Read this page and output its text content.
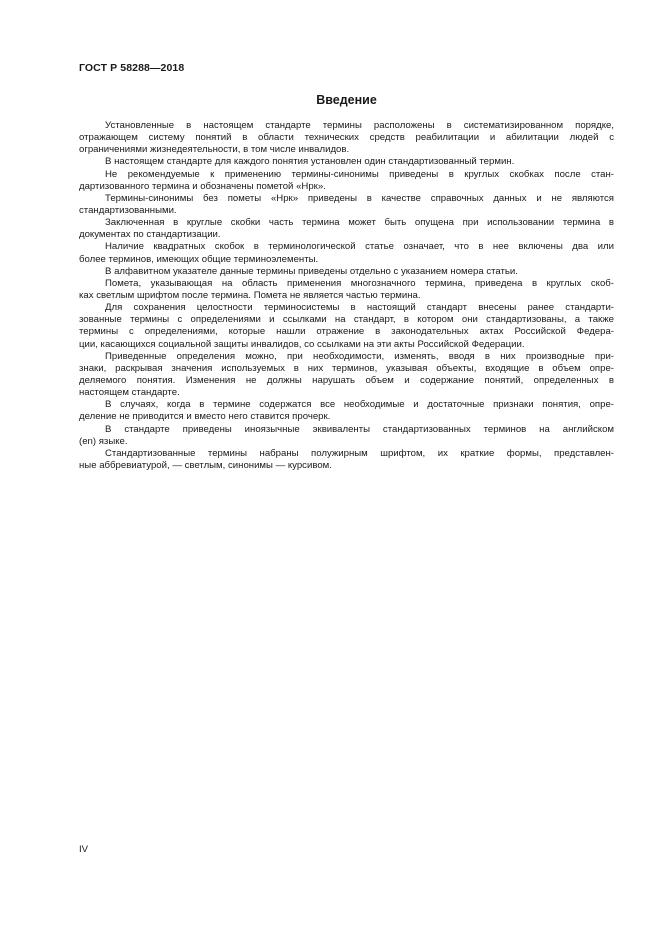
ГОСТ Р 58288—2018
Введение
Установленные в настоящем стандарте термины расположены в систематизированном порядке,
отражающем систему понятий в области технических средств реабилитации и абилитации людей с
ограничениями жизнедеятельности, в том числе инвалидов.
В настоящем стандарте для каждого понятия установлен один стандартизованный термин.
Не рекомендуемые к применению термины-синонимы приведены в круглых скобках после стан-
дартизованного термина и обозначены пометой «Нрк».
Термины-синонимы без пометы «Нрк» приведены в качестве справочных данных и не являются
стандартизованными.
Заключенная в круглые скобки часть термина может быть опущена при использовании термина в
документах по стандартизации.
Наличие квадратных скобок в терминологической статье означает, что в нее включены два или
более терминов, имеющих общие терминоэлементы.
В алфавитном указателе данные термины приведены отдельно с указанием номера статьи.
Помета, указывающая на область применения многозначного термина, приведена в круглых скоб-
ках светлым шрифтом после термина. Помета не является частью термина.
Для сохранения целостности терминосистемы в настоящий стандарт внесены ранее стандарти-
зованные термины с определениями и ссылками на стандарт, в котором они стандартизованы, а также
термины с определениями, которые нашли отражение в законодательных актах Российской Федера-
ции, касающихся социальной защиты инвалидов, со ссылками на эти акты Российской Федерации.
Приведенные определения можно, при необходимости, изменять, вводя в них производные при-
знаки, раскрывая значения используемых в них терминов, указывая объекты, входящие в объем опре-
деляемого понятия. Изменения не должны нарушать объем и содержание понятий, определенных в
настоящем стандарте.
В случаях, когда в термине содержатся все необходимые и достаточные признаки понятия, опре-
деление не приводится и вместо него ставится прочерк.
В стандарте приведены иноязычные эквиваленты стандартизованных терминов на английском
(en) языке.
Стандартизованные термины набраны полужирным шрифтом, их краткие формы, представлен-
ные аббревиатурой, — светлым, синонимы — курсивом.
IV
